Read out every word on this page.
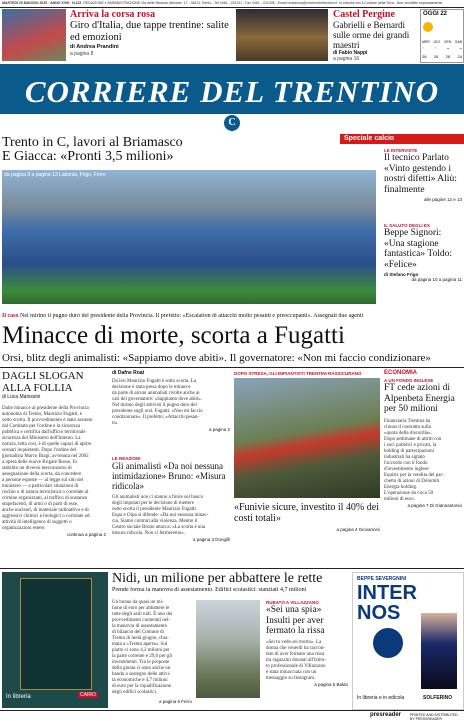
MARTEDÌ 25 MAGGIO 2025 · ANNO XVIII · N.122 REDAZIONE e AMMINISTRAZIONE Via delle Missioni Africane, 17 - 38121 Trento - Tel 0461 - 231311 - Fax 0461 - 231308 - Email redazione@corrieredeltrentino.it In edicola con il Corriere della Sera - Non vendibile separatamente
Arriva la corsa rosa
Giro d'Italia, due tappe trentine: salite ed emozioni
di Andrea Prandini
a pagina 8
Castel Pergine
Gabrielli e Bernardi sulle orme dei grandi maestri
di Fabio Nappi
a pagina 16
OGGI 22
MER GIO VEN SAB
☀	☀	☁	☁
28 26 26 24
CORRIERE DEL TRENTINO
C
Trento in C, lavori al Briamasco
E Giacca: «Pronti 3,5 milioni»
da pagina 9 a pagina 13 Labonia, Frigo, Ferro
Speciale calcio
LE INTERVISTE
Il tecnico Parlato «Vinto gestendo i nostri difetti» Aliù: finalmente
alle pagine 12 e 13
IL SALUTO DEGLI EX
Beppe Signori: «Una stagione fantastica» Toldo: «Felice»
di Stefano Frigo
da pagina 10 a pagina 11
Il caso Nel mirino il pugno duro del presidente della Provincia. Il prefetto: «Escalation di attacchi molto pesanti e preoccupanti». Assegnati due agenti
Minacce di morte, scorta a Fugatti
Orsi, blitz degli animalisti: «Sappiamo dove abiti». Il governatore: «Non mi faccio condizionare»
DAGLI SLOGAN ALLA FOLLIA
di Luca Malossini
Dalle minacce al presidente della Provincia
autonoma di Trento, Maurizio Fugatti, è
sotto scorta. Il provvedimento è stato assunto
dal Comitato per l'ordine e la sicurezza
pubblica e certifica dall'ufficio territoriale
sicurezza del Ministero dell'Interno. La
notizia, letta così, è di quelle capaci di aprire
scenari inquietanti. Dopo l'ordine del
giornalista Marco Biagi, avvenuta nel 2002
a opera delle nuove Brigate Rosse, fu
stabilito un diverso meccanismo di
assegnazione della scorta, da concedere
a persone esposte — al legge sul sito del
ministero — a particolari situazioni di
rischio o di natura terroristica o correlate al
crimine organizzato, al traffico di sostanze
stupefacenti, di armi o di parti di esse,
anche nucleari, di materiale radioattivo e di
aggressivi chimici e biologici o correlate ad
attività di intelligence di soggetti o
organizzazioni estere.
continua a pagina 2
di Dafne Roat
Da ieri Maurizio Fugatti è sotto scorta. La
decisione è stata presa dopo le minacce
da parte di alcuni animalisti rivolte anche ai
cari del governatore: «Sappiamo dove abiti».
Nel mirino degli attivisti il pugno duro del
presidente sugli orsi. Fugatti: «Non mi faccio
condizionare». Il prefetto: «Attacchi pesan-
ti».
a pagina 2
LE REAZIONI
Gli animalisti «Da noi nessuna intimidazione» Bruno: «Misura ridicola»
Gli animalisti non ci stanno a finire sul banco
degli imputati per le decisione di mettere
sotto scorta il presidente Maurizio Fugatti.
Enpa e Oipa si difende: «Da noi nessuna minac-
cia. Siamo contrari alla violenza. Mentre il
Centro sociale Bruno attacca: «La scorta è una
misura ridicola. Non ci fermeremo».
a pagina 3 Dongilli
DOPO STRESA, GLI IMPIANTISTI TRENTINI RASSICURANO
«Funivie sicure, investito il 40% dei costi totali»
a pagina 4 Giovannini
ECONOMIA
A UN FONDO INGLESE
FT cede azioni di Alpenbeta Energia per 50 milioni
Finanziaria Trentina ha
chiuso il contratto sulla
«quota della discordia».
Dopo settimane di attriti con
i soci pubblici e privati, la
holding di partecipazioni
industriali ha siglato
l'accordo con il fondo
d'investimento inglese
Equitix per la vendita del pac-
chetto di azioni di Dolomiti
Energia holding.
L'operazione da circa 50
milioni di euro.
a pagina 7 Di Giannantonio
In libreria	CAIRO
Nidi, un milione per abbattere le rette
Prende forma la manovra di assestamento. Edifici scolastici: stanziati 4,7 milioni
Un bonus da quasi un mi-
lione di euro per abbattere le
rette degli asili nidi. È uno dei
provvedimenti contenuti nel-
la manovra di assestamento
di bilancio del Comune di
Trento di metà giugno, chia-
mata a «Trento aperta». Sul
piatto ci sono 4,2 milioni per
la parte corrente e 29,6 per gli
investimenti. Tra le proposte
della giunta ci sono anche un
bando a sostegno delle attivi-
tà economiche e 4,7 milioni
di euro per la riqualificazione
degli edifici scolastici.
a pagina 6 Ferro
RUBATO A VILLAZZANO
«Sei una spia» Insulti per aver fermato la rissa
«Sei tu vedo sei morto». La
donna che venerdì ha raccon-
tato di aver fermato una rissa
tra ragazzini davanti all'Istitu-
to professionale di Villazzano
è stata minacciata con un
messaggio su Instagram.
a pagina 5 Baldo
BEPPE SEVERGNINI
INTER NOS
In libreria e in edicola	SOLFERINO
presreader	PRINTED AND DISTRIBUTED BY PRESSREADER
